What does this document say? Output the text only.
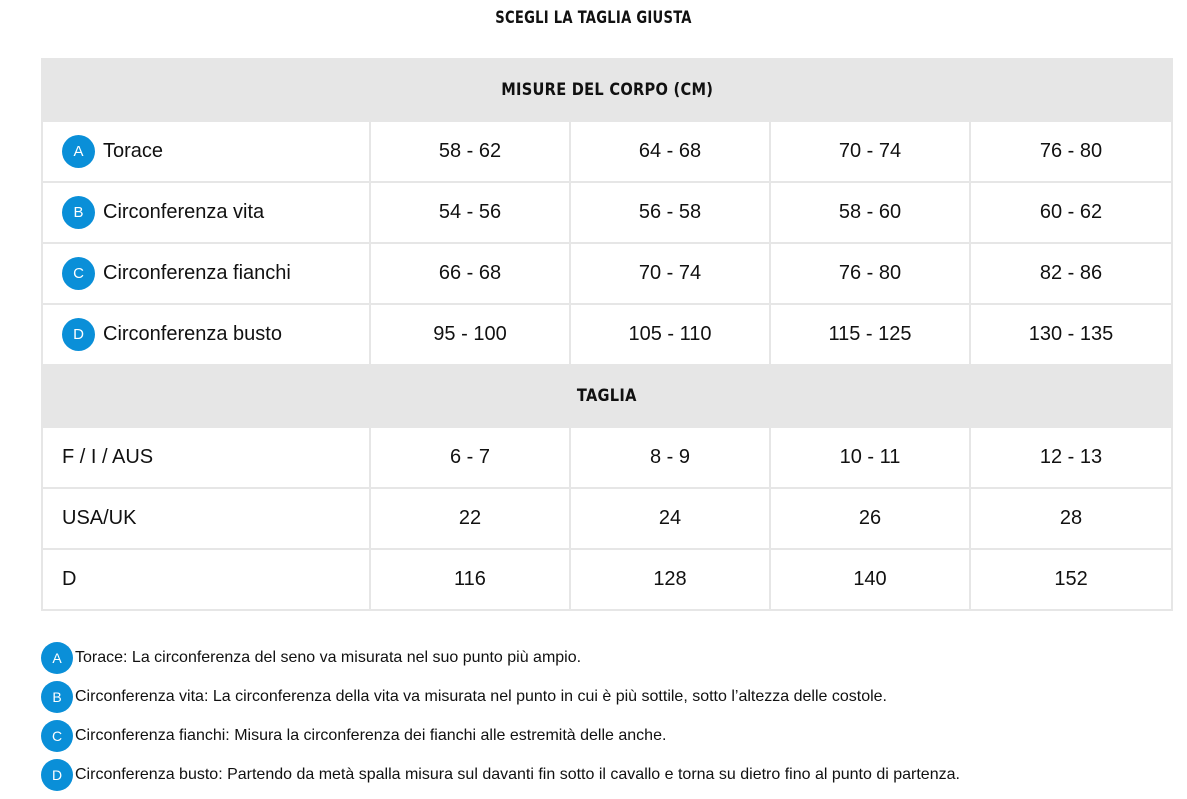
SCEGLI LA TAGLIA GIUSTA
MISURE DEL CORPO (CM)				
A Torace	58 - 62	64 - 68	70 - 74	76 - 80
B Circonferenza vita	54 - 56	56 - 58	58 - 60	60 - 62
C Circonferenza fianchi	66 - 68	70 - 74	76 - 80	82 - 86
D Circonferenza busto	95 - 100	105 - 110	115 - 125	130 - 135
TAGLIA				
F / I / AUS	6 - 7	8 - 9	10 - 11	12 - 13
USA/UK	22	24	26	28
D	116	128	140	152
A Torace: La circonferenza del seno va misurata nel suo punto più ampio.
B Circonferenza vita: La circonferenza della vita va misurata nel punto in cui è più sottile, sotto l’altezza delle costole.
C Circonferenza fianchi: Misura la circonferenza dei fianchi alle estremità delle anche.
D Circonferenza busto: Partendo da metà spalla misura sul davanti fin sotto il cavallo e torna su dietro fino al punto di partenza.
